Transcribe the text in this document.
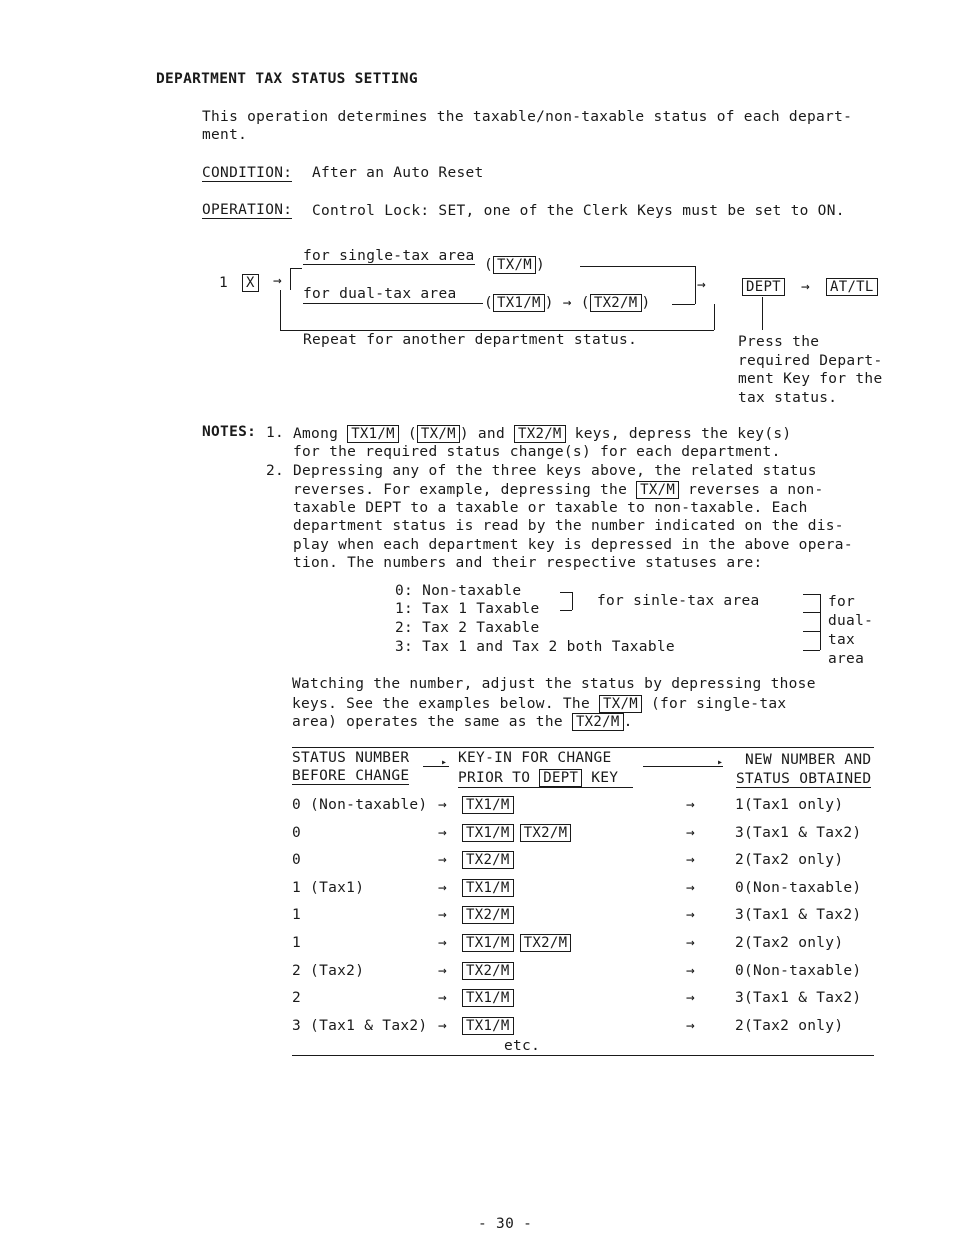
DEPARTMENT TAX STATUS SETTING
This operation determines the taxable/non-taxable status of each depart-
ment.
CONDITION: After an Auto Reset
OPERATION: Control Lock: SET, one of the Clerk Keys must be set to ON.
1 X →
for single-tax area
( TX/M )
for dual-tax area
( TX1/M ) → ( TX2/M )
→	DEPT → AT/TL
Repeat for another department status.	Press the
required Depart-
ment Key for the
tax status.
NOTES: 1. Among TX1/M ( TX/M ) and TX2/M keys, depress the key(s)
for the required status change(s) for each department.
2. Depressing any of the three keys above, the related status
reverses. For example, depressing the TX/M reverses a non-
taxable DEPT to a taxable or taxable to non-taxable. Each
department status is read by the number indicated on the dis-
play when each department key is depressed in the above opera-
tion. The numbers and their respective statuses are:
0: Non-taxable
1: Tax 1 Taxable
2: Tax 2 Taxable
3: Tax 1 and Tax 2 both Taxable
for sinle-tax area	for
dual-
tax
area
Watching the number, adjust the status by depressing those
keys. See the examples below. The TX/M (for single-tax
area) operates the same as the TX2/M .
STATUS NUMBER
BEFORE CHANGE
▸ KEY-IN FOR CHANGE
PRIOR TO DEPT KEY
▸ NEW NUMBER AND
STATUS OBTAINED
0 (Non-taxable) → TX1/M	→	1(Tax1 only)
0	→ TX1/M TX2/M	→	3(Tax1 & Tax2)
0	→ TX2/M	→	2(Tax2 only)
1 (Tax1)	→ TX1/M	→	0(Non-taxable)
1	→ TX2/M	→	3(Tax1 & Tax2)
1	→ TX1/M TX2/M	→	2(Tax2 only)
2 (Tax2)	→ TX2/M	→	0(Non-taxable)
2	→ TX1/M	→	3(Tax1 & Tax2)
3 (Tax1 & Tax2) → TX1/M	→	2(Tax2 only)
etc.
- 30 -
